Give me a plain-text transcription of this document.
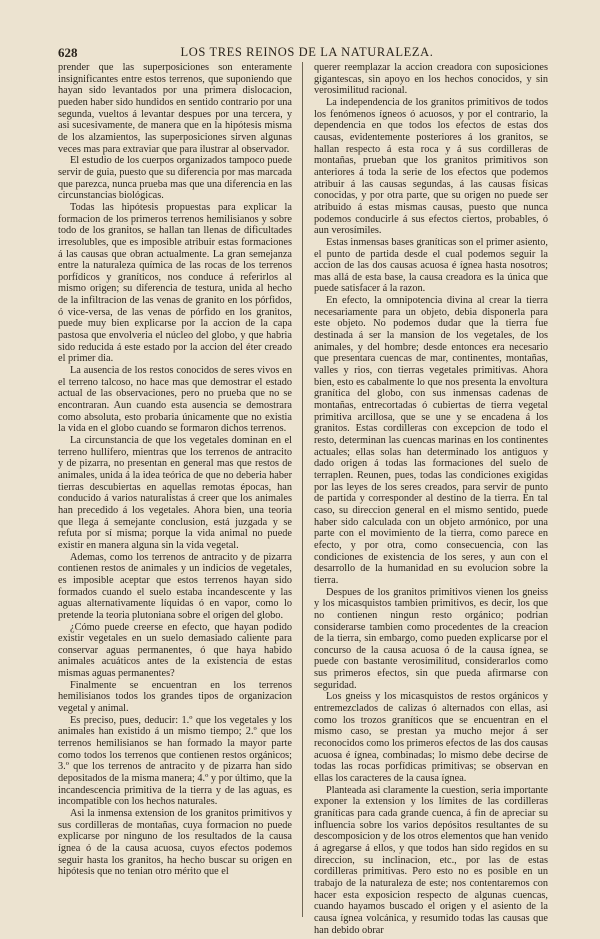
628	LOS TRES REINOS DE LA NATURALEZA.

prender que las superposiciones son enteramente insignificantes entre estos terrenos, que suponiendo que hayan sido levantados por una primera dislocacion, pueden haber sido hundidos en sentido contrario por una segunda, vueltos á levantar despues por una tercera, y asi sucesivamente, de manera que en la hipótesis misma de los alzamientos, las superposiciones sirven algunas veces mas para extraviar que para ilustrar al observador.

El estudio de los cuerpos organizados tampoco puede servir de guia, puesto que su diferencia por mas marcada que parezca, nunca prueba mas que una diferencia en las circunstancias biológicas.

Todas las hipótesis propuestas para explicar la formacion de los primeros terrenos hemilisianos y sobre todo de los granitos, se hallan tan llenas de dificultades irresolubles, que es imposible atribuir estas formaciones á las causas que obran actualmente. La gran semejanza entre la naturaleza química de las rocas de los terrenos porfídicos y graníticos, nos conduce á referirlos al mismo origen; su diferencia de testura, unida al hecho de la infiltracion de las venas de granito en los pórfidos, ó vice-versa, de las venas de pórfido en los granitos, puede muy bien explicarse por la accion de la capa pastosa que envolveria el núcleo del globo, y que habria sido reducida á este estado por la accion del éter creado el primer dia.

La ausencia de los restos conocidos de seres vivos en el terreno talcoso, no hace mas que demostrar el estado actual de las observaciones, pero no prueba que no se encontraran. Aun cuando esta ausencia se demostrara como absoluta, esto probaria únicamente que no existia la vida en el globo cuando se formaron dichos terrenos.

La circunstancia de que los vegetales dominan en el terreno hullífero, mientras que los terrenos de antracito y de pizarra, no presentan en general mas que restos de animales, unida á la idea teórica de que no deberia haber tierras descubiertas en aquellas remotas épocas, han conducido á varios naturalistas á creer que los animales han precedido á los vegetales. Ahora bien, una teoria que llega á semejante conclusion, está juzgada y se refuta por sí misma; porque la vida animal no puede existir en manera alguna sin la vida vegetal.

Ademas, como los terrenos de antracito y de pizarra contienen restos de animales y un indicios de vegetales, es imposible aceptar que estos terrenos hayan sido formados cuando el suelo estaba incandescente y las aguas alternativamente líquidas ó en vapor, como lo pretende la teoria plutoniana sobre el origen del globo.

¿Cómo puede creerse en efecto, que hayan podido existir vegetales en un suelo demasiado caliente para conservar aguas permanentes, ó que haya habido animales acuáticos antes de la existencia de estas mismas aguas permanentes?

Finalmente se encuentran en los terrenos hemilisianos todos los grandes tipos de organizacion vegetal y animal.

Es preciso, pues, deducir: 1.º que los vegetales y los animales han existido á un mismo tiempo; 2.º que los terrenos hemilisianos se han formado la mayor parte como todos los terrenos que contienen restos orgánicos; 3.º que los terrenos de antracito y de pizarra han sido depositados de la misma manera; 4.º y por último, que la incandescencia primitiva de la tierra y de las aguas, es incompatible con los hechos naturales.

Asi la inmensa extension de los granitos primitivos y sus cordilleras de montañas, cuya formacion no puede explicarse por ninguno de los resultados de la causa ígnea ó de la causa acuosa, cuyos efectos podemos seguir hasta los granitos, ha hecho buscar su origen en hipótesis que no tenian otro mérito que el

querer reemplazar la accion creadora con suposiciones gigantescas, sin apoyo en los hechos conocidos, y sin verosimilitud racional.

La independencia de los granitos primitivos de todos los fenómenos ígneos ó acuosos, y por el contrario, la dependencia en que todos los efectos de estas dos causas, evidentemente posteriores á los granitos, se hallan respecto á esta roca y á sus cordilleras de montañas, prueban que los granitos primitivos son anteriores á toda la serie de los efectos que podemos atribuir á las causas segundas, á las causas físicas conocidas, y por otra parte, que su origen no puede ser atribuido á estas mismas causas, puesto que nunca podemos conducirle á sus efectos ciertos, probables, ó aun verosímiles.

Estas inmensas bases graníticas son el primer asiento, el punto de partida desde el cual podemos seguir la accion de las dos causas acuosa é ígnea hasta nosotros; mas allá de esta base, la causa creadora es la única que puede satisfacer á la razon.

En efecto, la omnipotencia divina al crear la tierra necesariamente para un objeto, debia disponerla para este objeto. No podemos dudar que la tierra fue destinada á ser la mansion de los vegetales, de los animales, y del hombre; desde entonces era necesario que presentara cuencas de mar, continentes, montañas, valles y rios, con tierras vegetales primitivas. Ahora bien, esto es cabalmente lo que nos presenta la envoltura granítica del globo, con sus inmensas cadenas de montañas, entrecortadas ó cubiertas de tierra vegetal primitiva arcillosa, que se une y se encadena á los granitos. Estas cordilleras con excepcion de todo el resto, determinan las cuencas marinas en los continentes actuales; ellas solas han determinado los antiguos y dado origen á todas las formaciones del suelo de terraplen. Reunen, pues, todas las condiciones exigidas por las leyes de los seres creados, para servir de punto de partida y corresponder al destino de la tierra. En tal caso, su direccion general en el mismo sentido, puede haber sido calculada con un objeto armónico, por una parte con el movimiento de la tierra, como parece en efecto, y por otra, como consecuencia, con las condiciones de existencia de los seres, y aun con el desarrollo de la humanidad en su evolucion sobre la tierra.

Despues de los granitos primitivos vienen los gneiss y los micasquistos tambien primitivos, es decir, los que no contienen ningun resto orgánico; podrian considerarse tambien como procedentes de la creacion de la tierra, sin embargo, como pueden explicarse por el concurso de la causa acuosa ó de la causa ígnea, se puede con bastante verosimilitud, considerarlos como sus primeros efectos, sin que pueda afirmarse con seguridad.

Los gneiss y los micasquistos de restos orgánicos y entremezclados de calizas ó alternados con ellas, asi como los trozos graníticos que se encuentran en el mismo caso, se prestan ya mucho mejor á ser reconocidos como los primeros efectos de las dos causas acuosa é ígnea, combinadas; lo mismo debe decirse de todas las rocas porfídicas primitivas; se observan en ellas los caracteres de la causa ígnea.

Planteada asi claramente la cuestion, seria importante exponer la extension y los límites de las cordilleras graníticas para cada grande cuenca, á fin de apreciar su influencia sobre los varios depósitos resultantes de su descomposicion y de los otros elementos que han venido á agregarse á ellos, y que todos han sido regidos en su direccion, su inclinacion, etc., por las de estas cordilleras primitivas. Pero esto no es posible en un trabajo de la naturaleza de este; nos contentaremos con hacer esta exposicion respecto de algunas cuencas, cuando hayamos buscado el origen y el asiento de la causa ígnea volcánica, y resumido todas las causas que han debido obrar
